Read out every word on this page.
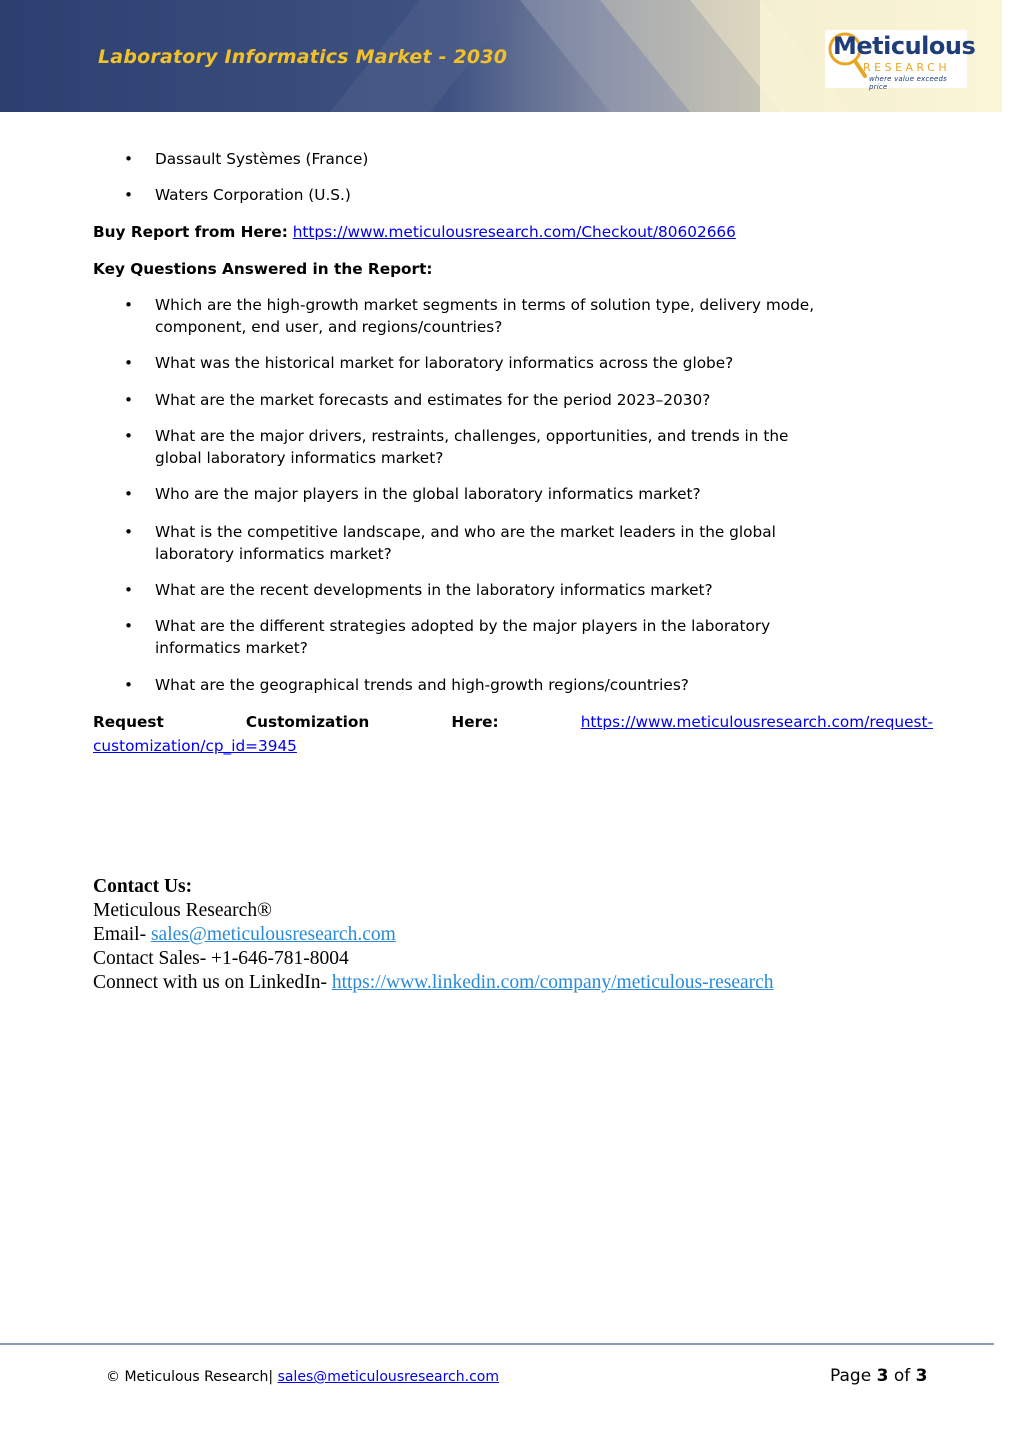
Laboratory Informatics Market - 2030	Meticulous
RESEARCH
where value exceeds price
• Dassault Systèmes (France)
• Waters Corporation (U.S.)
Buy Report from Here: https://www.meticulousresearch.com/Checkout/80602666
Key Questions Answered in the Report:
• Which are the high-growth market segments in terms of solution type, delivery mode,
component, end user, and regions/countries?
• What was the historical market for laboratory informatics across the globe?
• What are the market forecasts and estimates for the period 2023–2030?
• What are the major drivers, restraints, challenges, opportunities, and trends in the
global laboratory informatics market?
• Who are the major players in the global laboratory informatics market?
• What is the competitive landscape, and who are the market leaders in the global
laboratory informatics market?
• What are the recent developments in the laboratory informatics market?
• What are the different strategies adopted by the major players in the laboratory
informatics market?
• What are the geographical trends and high-growth regions/countries?
Request	Customization	Here:	https://www.meticulousresearch.com/request-
customization/cp_id=3945
Contact Us:
Meticulous Research®
Email- sales@meticulousresearch.com
Contact Sales- +1-646-781-8004
Connect with us on LinkedIn- https://www.linkedin.com/company/meticulous-research
© Meticulous Research| sales@meticulousresearch.com	Page 3 of 3
